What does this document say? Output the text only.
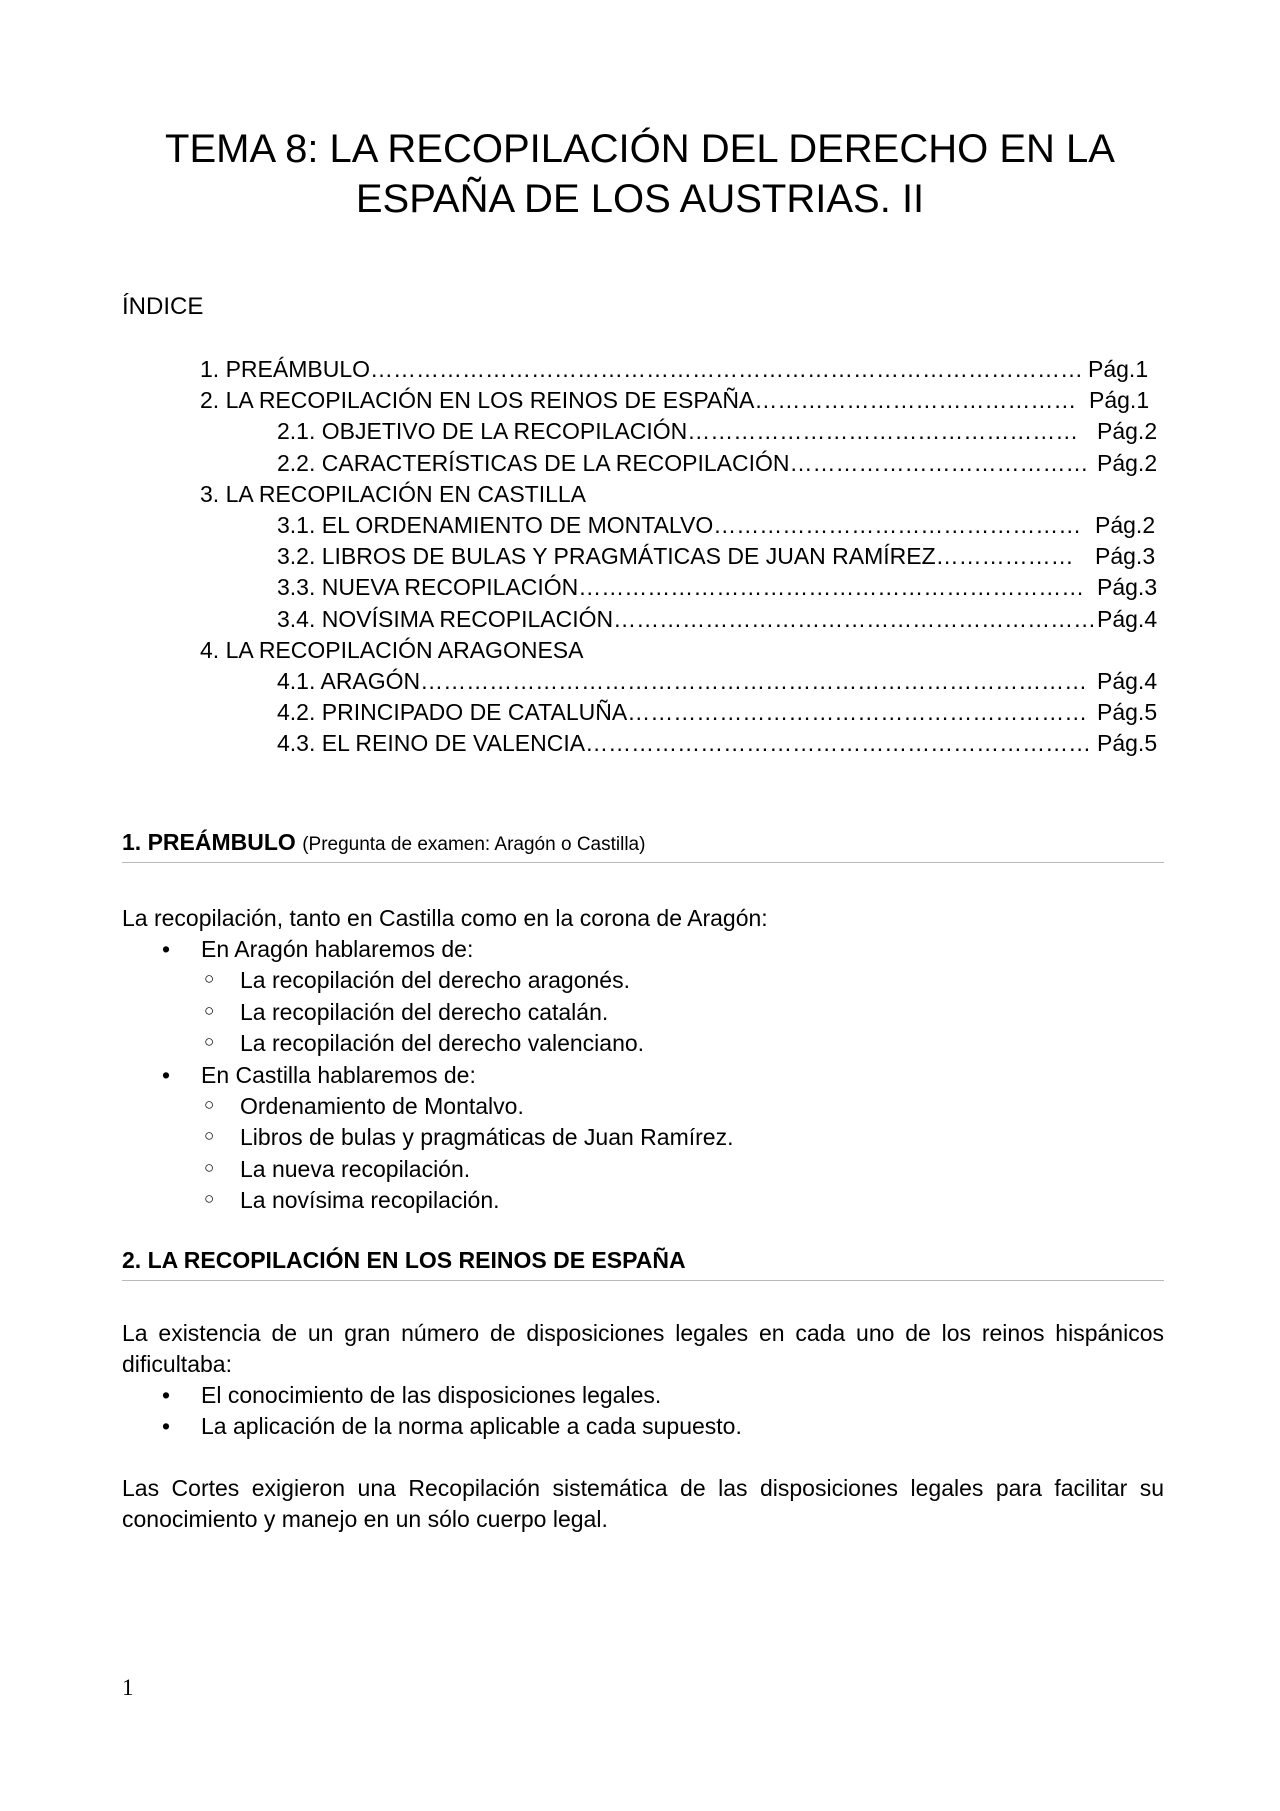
TEMA 8: LA RECOPILACIÓN DEL DERECHO EN LA
ESPAÑA DE LOS AUSTRIAS. II
ÍNDICE
1. PREÁMBULO………………………………………………………………………………… Pág.1
2. LA RECOPILACIÓN EN LOS REINOS DE ESPAÑA…………………………………… Pág.1
2.1. OBJETIVO DE LA RECOPILACIÓN…………………………………………… Pág.2
2.2. CARACTERÍSTICAS DE LA RECOPILACIÓN………………………………… Pág.2
3. LA RECOPILACIÓN EN CASTILLA
3.1. EL ORDENAMIENTO DE MONTALVO………………………………………… Pág.2
3.2. LIBROS DE BULAS Y PRAGMÁTICAS DE JUAN RAMÍREZ……………… Pág.3
3.3. NUEVA RECOPILACIÓN………………………………………………………… Pág.3
3.4. NOVÍSIMA RECOPILACIÓN……………………………………………………… Pág.4
4. LA RECOPILACIÓN ARAGONESA
4.1. ARAGÓN…………………………………………………………………………… Pág.4
4.2. PRINCIPADO DE CATALUÑA…………………………………………………… Pág.5
4.3. EL REINO DE VALENCIA………………………………………………………… Pág.5
1. PREÁMBULO (Pregunta de examen: Aragón o Castilla)

La recopilación, tanto en Castilla como en la corona de Aragón:

• En Aragón hablaremos de:
○ La recopilación del derecho aragonés.
○ La recopilación del derecho catalán.
○ La recopilación del derecho valenciano.
• En Castilla hablaremos de:
○ Ordenamiento de Montalvo.
○ Libros de bulas y pragmáticas de Juan Ramírez.
○ La nueva recopilación.
○ La novísima recopilación.
2. LA RECOPILACIÓN EN LOS REINOS DE ESPAÑA

La existencia de un gran número de disposiciones legales en cada uno de los reinos hispánicos dificultaba:

• El conocimiento de las disposiciones legales.
• La aplicación de la norma aplicable a cada supuesto.

Las Cortes exigieron una Recopilación sistemática de las disposiciones legales para facilitar su conocimiento y manejo en un sólo cuerpo legal.

1
